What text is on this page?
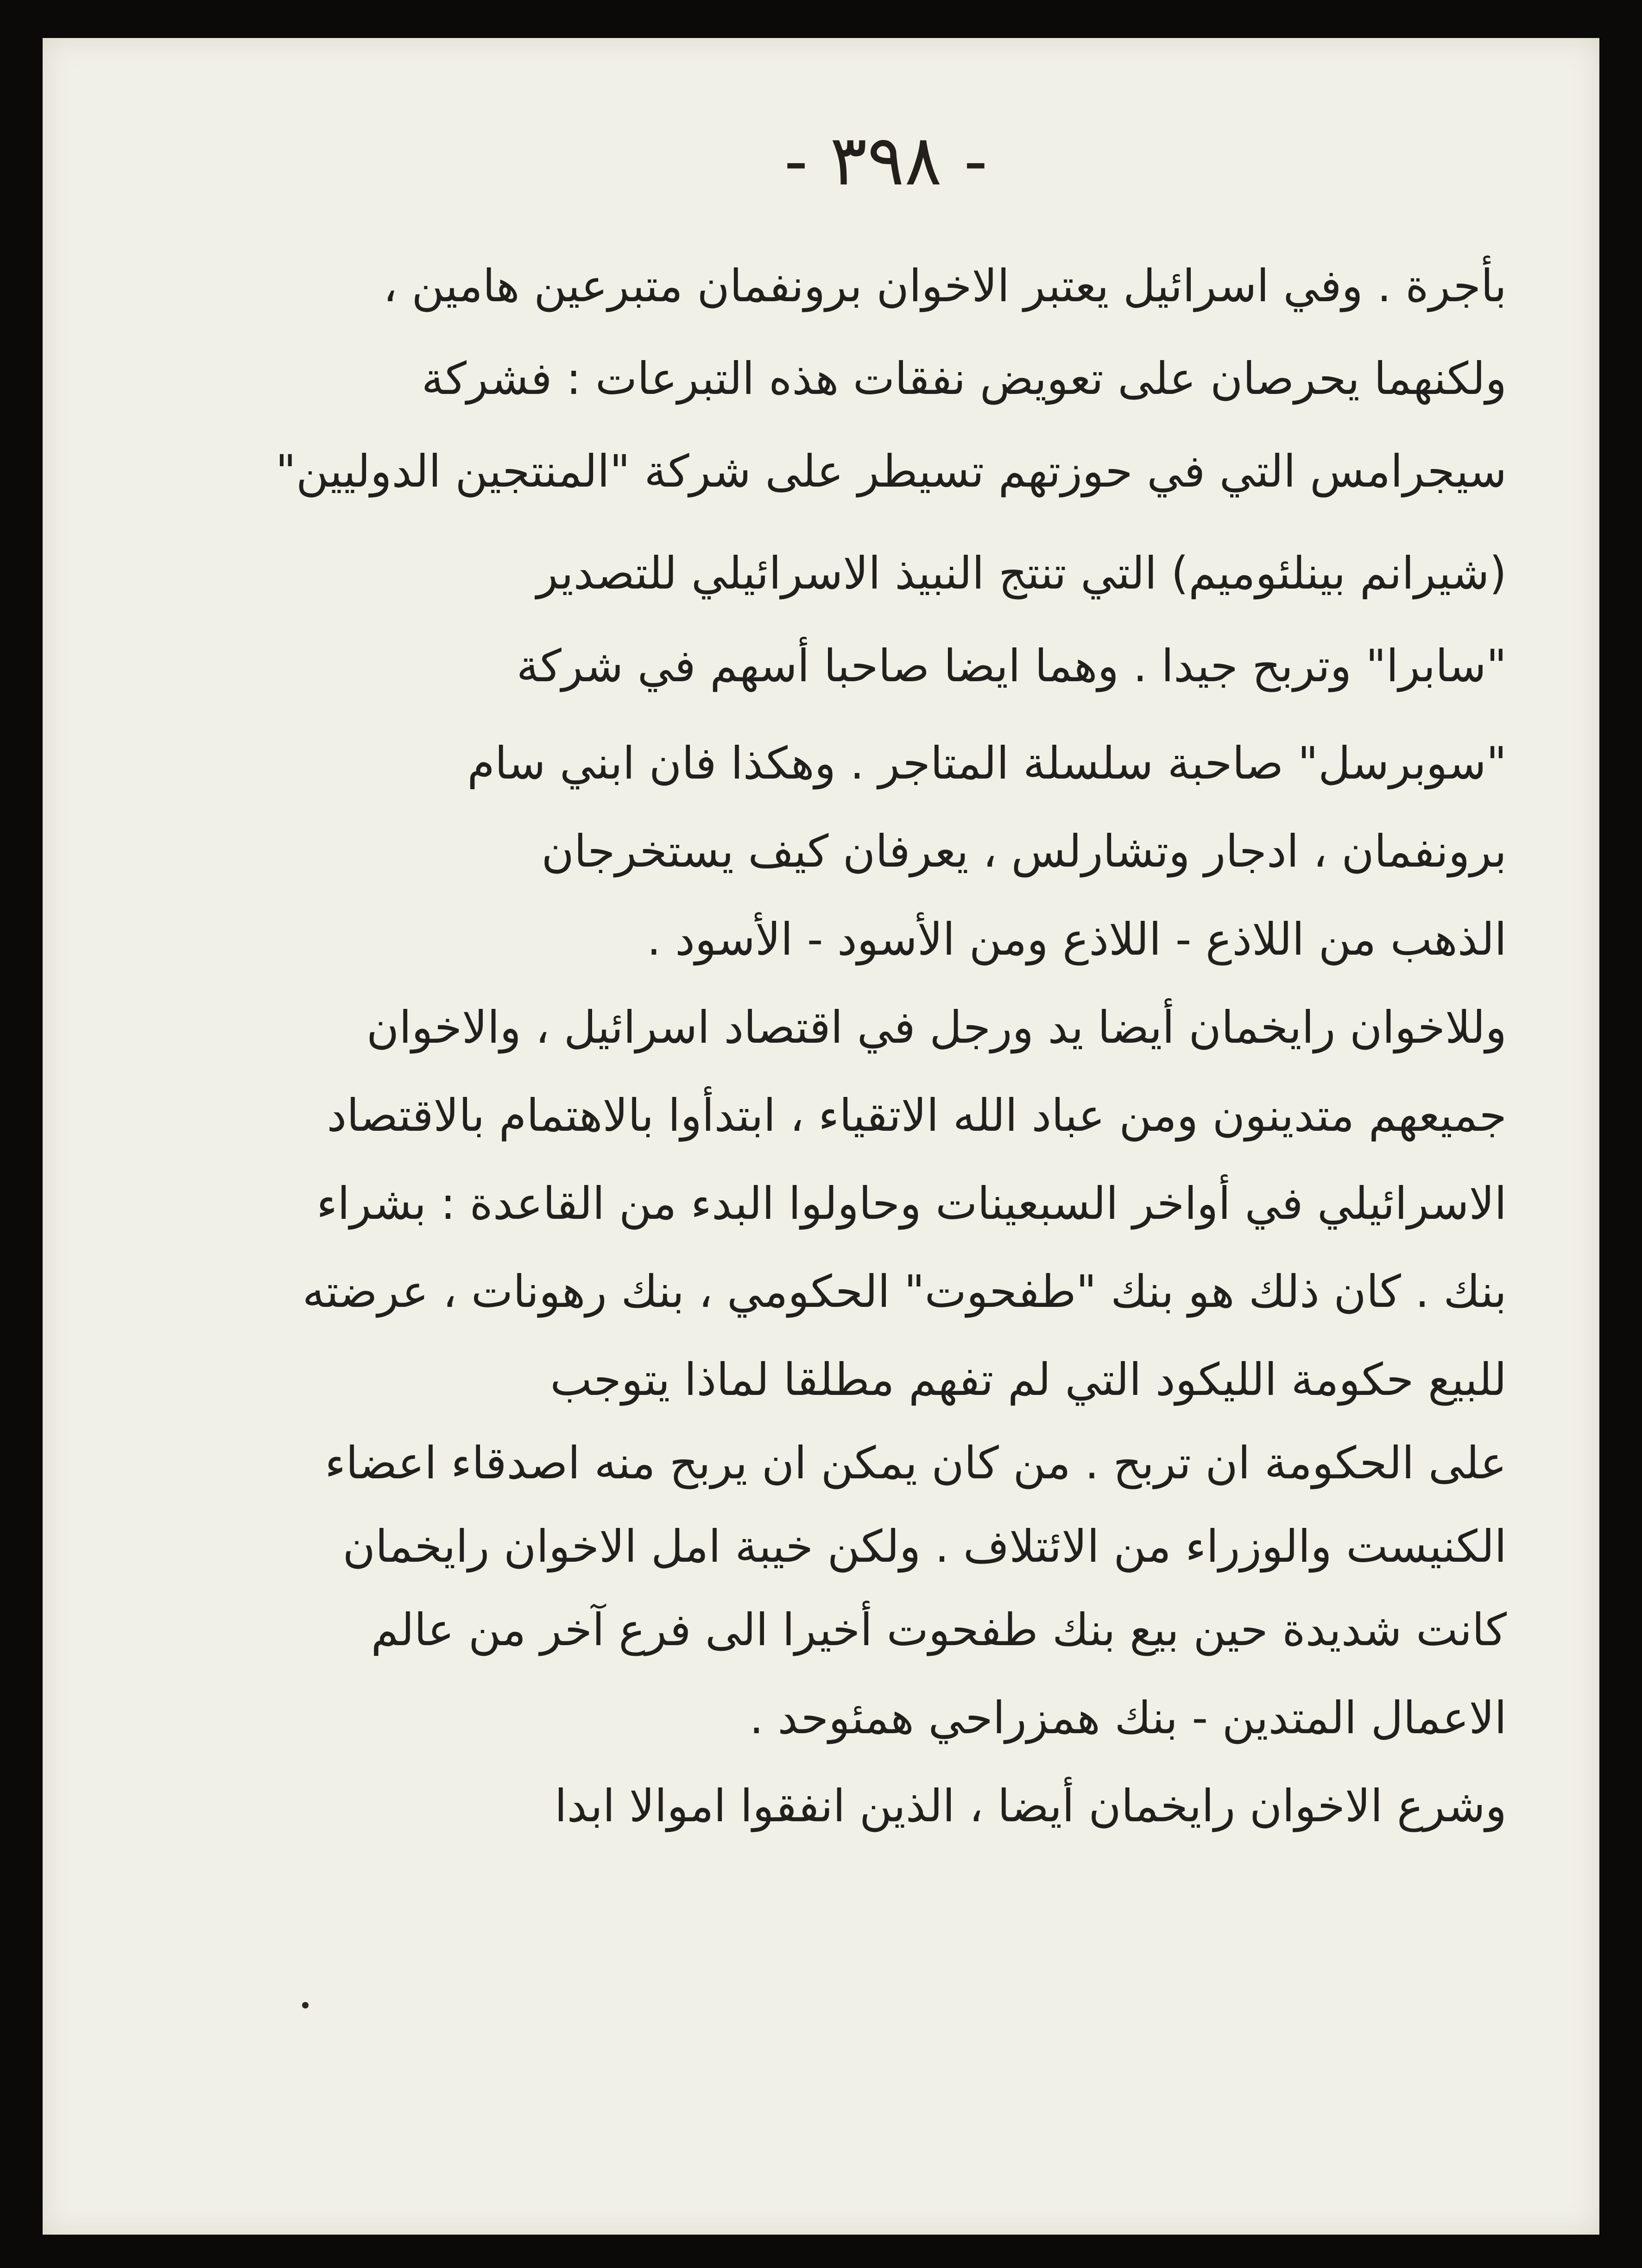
- ٣٩٨ -
بأجرة . وفي اسرائيل يعتبر الاخوان برونفمان متبرعين هامين ،
ولكنهما يحرصان على تعويض نفقات هذه التبرعات : فشركة
سيجرامس التي في حوزتهم تسيطر على شركة "المنتجين الدوليين"
(شيرانم بينلئوميم) التي تنتج النبيذ الاسرائيلي للتصدير
"سابرا" وتربح جيدا . وهما ايضا صاحبا أسهم في شركة
"سوبرسل" صاحبة سلسلة المتاجر . وهكذا فان ابني سام
برونفمان ، ادجار وتشارلس ، يعرفان كيف يستخرجان
الذهب من اللاذع - اللاذع ومن الأسود - الأسود .
وللاخوان رايخمان أيضا يد ورجل في اقتصاد اسرائيل ، والاخوان
جميعهم متدينون ومن عباد الله الاتقياء ، ابتدأوا بالاهتمام بالاقتصاد
الاسرائيلي في أواخر السبعينات وحاولوا البدء من القاعدة : بشراء
بنك . كان ذلك هو بنك "طفحوت" الحكومي ، بنك رهونات ، عرضته
للبيع حكومة الليكود التي لم تفهم مطلقا لماذا يتوجب
على الحكومة ان تربح . من كان يمكن ان يربح منه اصدقاء اعضاء
الكنيست والوزراء من الائتلاف . ولكن خيبة امل الاخوان رايخمان
كانت شديدة حين بيع بنك طفحوت أخيرا الى فرع آخر من عالم
الاعمال المتدين - بنك همزراحي همئوحد .
وشرع الاخوان رايخمان أيضا ، الذين انفقوا اموالا ابدا
